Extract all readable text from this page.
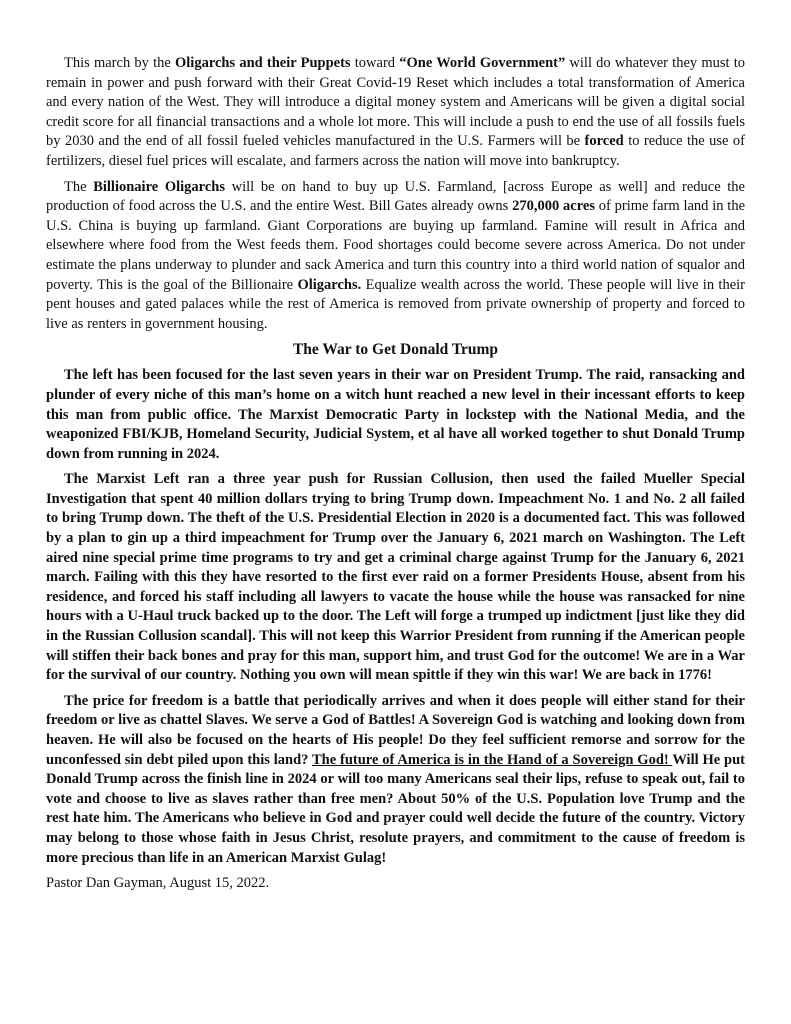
This march by the Oligarchs and their Puppets toward “One World Government” will do whatever they must to remain in power and push forward with their Great Covid-19 Reset which includes a total transformation of America and every nation of the West. They will introduce a digital money system and Americans will be given a digital social credit score for all financial transactions and a whole lot more. This will include a push to end the use of all fossils fuels by 2030 and the end of all fossil fueled vehicles manufactured in the U.S. Farmers will be forced to reduce the use of fertilizers, diesel fuel prices will escalate, and farmers across the nation will move into bankruptcy.

The Billionaire Oligarchs will be on hand to buy up U.S. Farmland, [across Europe as well] and reduce the production of food across the U.S. and the entire West. Bill Gates already owns 270,000 acres of prime farm land in the U.S. China is buying up farmland. Giant Corporations are buying up farmland. Famine will result in Africa and elsewhere where food from the West feeds them. Food shortages could become severe across America. Do not under estimate the plans underway to plunder and sack America and turn this country into a third world nation of squalor and poverty. This is the goal of the Billionaire Oligarchs. Equalize wealth across the world. These people will live in their pent houses and gated palaces while the rest of America is removed from private ownership of property and forced to live as renters in government housing.

The War to Get Donald Trump

The left has been focused for the last seven years in their war on President Trump. The raid, ransacking and plunder of every niche of this man’s home on a witch hunt reached a new level in their incessant efforts to keep this man from public office. The Marxist Democratic Party in lockstep with the National Media, and the weaponized FBI/KJB, Homeland Security, Judicial System, et al have all worked together to shut Donald Trump down from running in 2024.

The Marxist Left ran a three year push for Russian Collusion, then used the failed Mueller Special Investigation that spent 40 million dollars trying to bring Trump down. Impeachment No. 1 and No. 2 all failed to bring Trump down. The theft of the U.S. Presidential Election in 2020 is a documented fact. This was followed by a plan to gin up a third impeachment for Trump over the January 6, 2021 march on Washington. The Left aired nine special prime time programs to try and get a criminal charge against Trump for the January 6, 2021 march. Failing with this they have resorted to the first ever raid on a former Presidents House, absent from his residence, and forced his staff including all lawyers to vacate the house while the house was ransacked for nine hours with a U-Haul truck backed up to the door. The Left will forge a trumped up indictment [just like they did in the Russian Collusion scandal]. This will not keep this Warrior President from running if the American people will stiffen their back bones and pray for this man, support him, and trust God for the outcome! We are in a War for the survival of our country. Nothing you own will mean spittle if they win this war! We are back in 1776!

The price for freedom is a battle that periodically arrives and when it does people will either stand for their freedom or live as chattel Slaves. We serve a God of Battles! A Sovereign God is watching and looking down from heaven. He will also be focused on the hearts of His people! Do they feel sufficient remorse and sorrow for the unconfessed sin debt piled upon this land? The future of America is in the Hand of a Sovereign God! Will He put Donald Trump across the finish line in 2024 or will too many Americans seal their lips, refuse to speak out, fail to vote and choose to live as slaves rather than free men? About 50% of the U.S. Population love Trump and the rest hate him. The Americans who believe in God and prayer could well decide the future of the country. Victory may belong to those whose faith in Jesus Christ, resolute prayers, and commitment to the cause of freedom is more precious than life in an American Marxist Gulag!

Pastor Dan Gayman, August 15, 2022.
